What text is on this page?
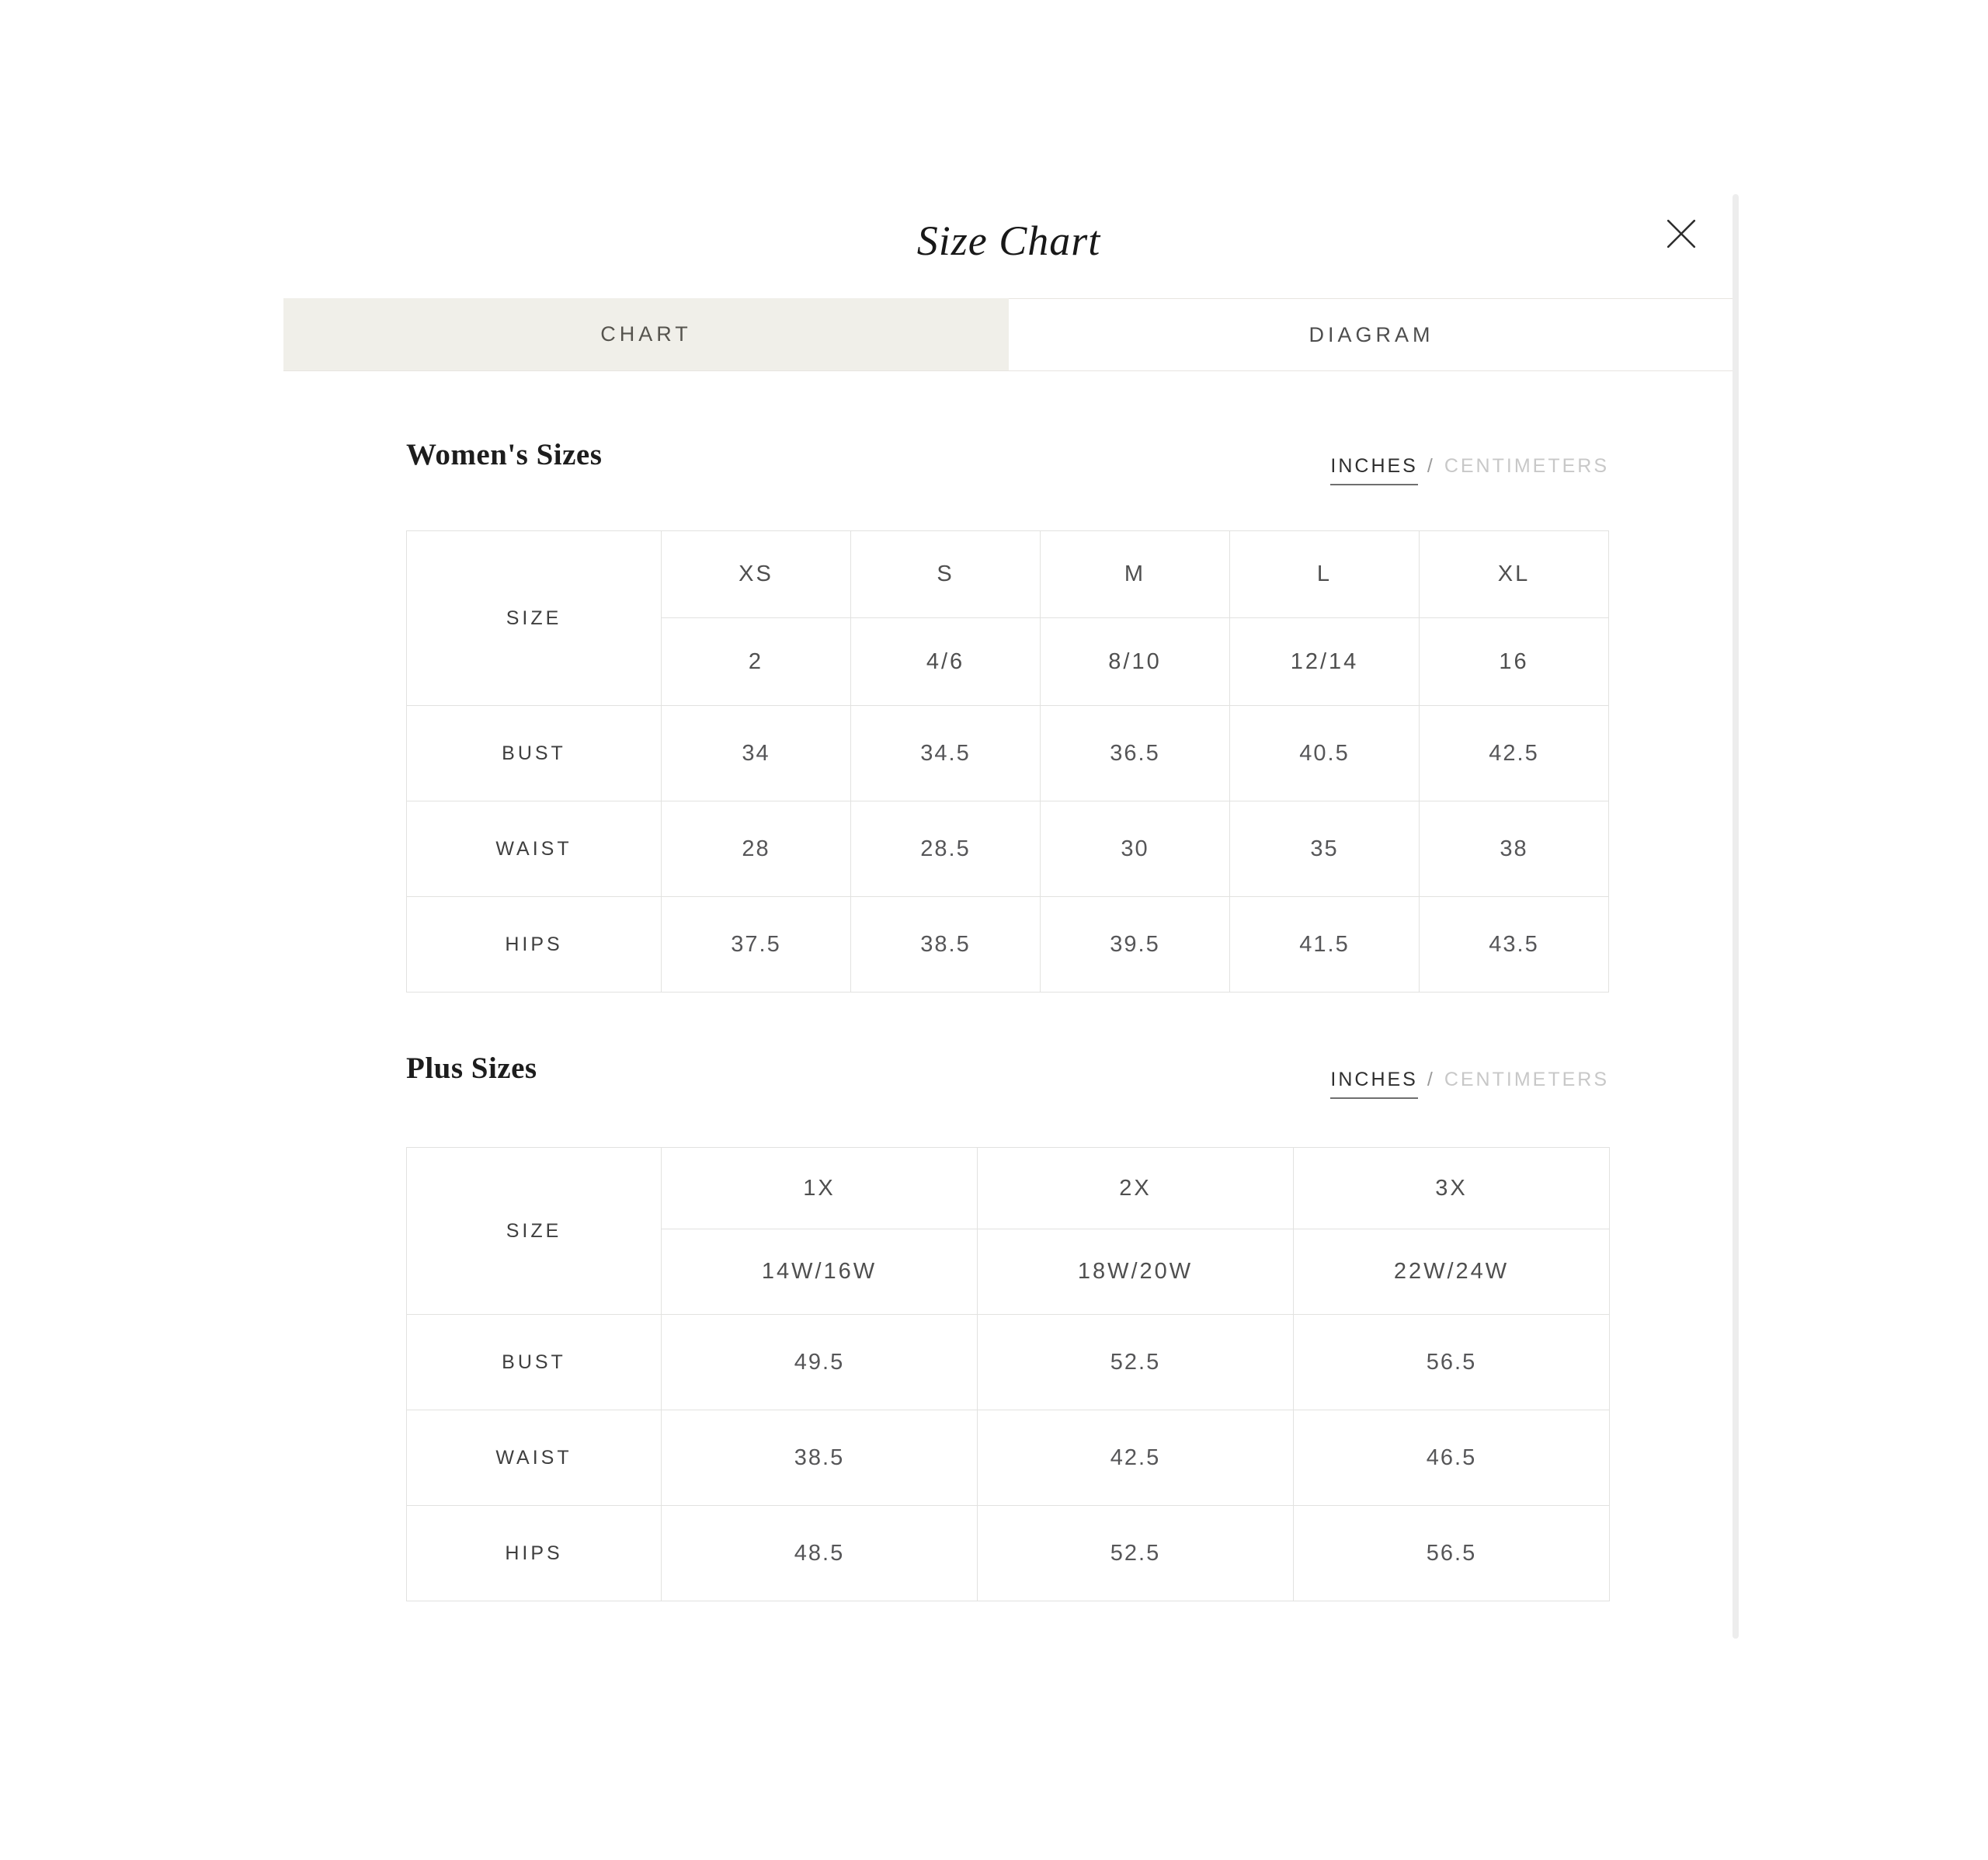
Size Chart
CHART	DIAGRAM
Women's Sizes	INCHES / CENTIMETERS
SIZE	XS	S	M	L	XL
	2	4/6	8/10	12/14	16
BUST	34	34.5	36.5	40.5	42.5
WAIST	28	28.5	30	35	38
HIPS	37.5	38.5	39.5	41.5	43.5
Plus Sizes	INCHES / CENTIMETERS
SIZE	1X	2X	3X
	14W/16W	18W/20W	22W/24W
BUST	49.5	52.5	56.5
WAIST	38.5	42.5	46.5
HIPS	48.5	52.5	56.5
